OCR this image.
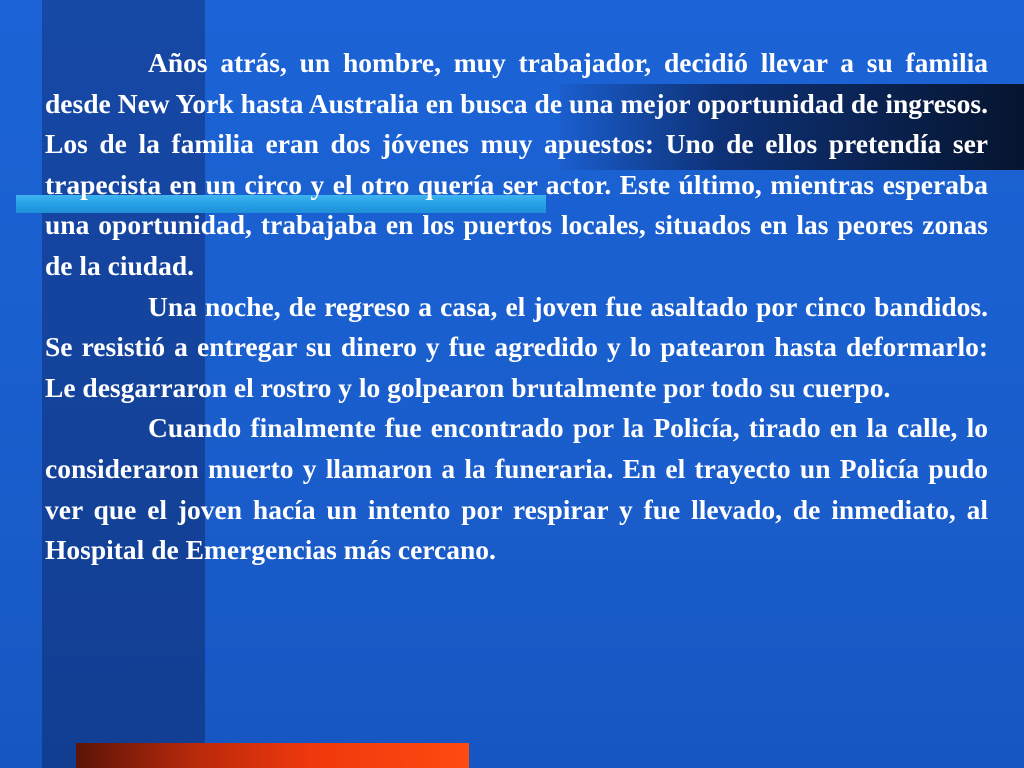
Años atrás, un hombre, muy trabajador, decidió llevar a su familia desde New York hasta Australia en busca de una mejor oportunidad de ingresos. Los de la familia eran dos jóvenes muy apuestos: Uno de ellos pretendía ser trapecista en un circo y el otro quería ser actor. Este último, mientras esperaba una oportunidad, trabajaba en los puertos locales, situados en las peores zonas de la ciudad.

Una noche, de regreso a casa, el joven fue asaltado por cinco bandidos. Se resistió a entregar su dinero y fue agredido y lo patearon hasta deformarlo: Le desgarraron el rostro y lo golpearon brutalmente por todo su cuerpo.

Cuando finalmente fue encontrado por la Policía, tirado en la calle, lo consideraron muerto y llamaron a la funeraria. En el trayecto un Policía pudo ver que el joven hacía un intento por respirar y fue llevado, de inmediato, al Hospital de Emergencias más cercano.
